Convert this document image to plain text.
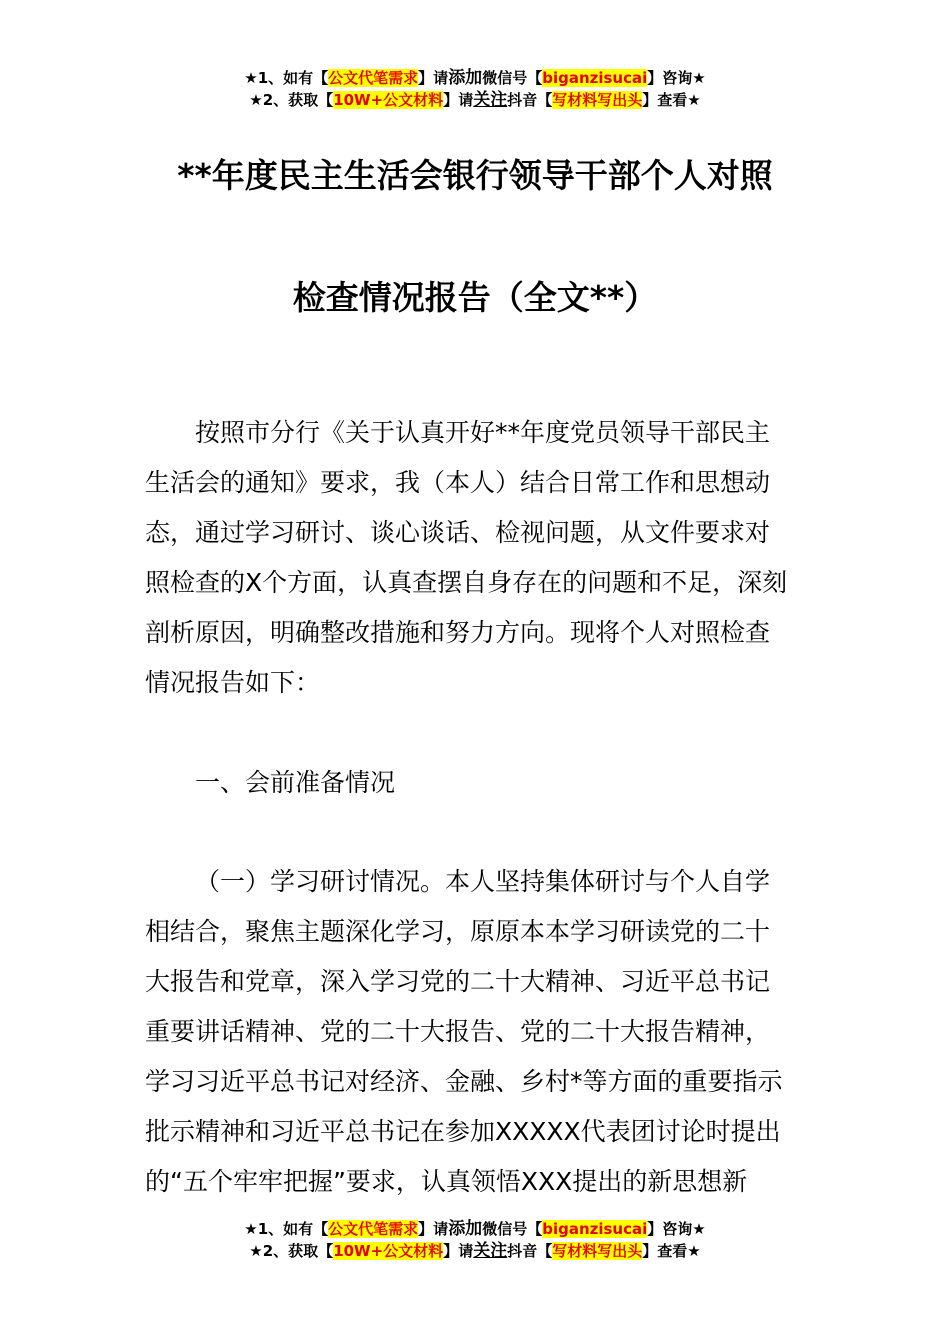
★1、如有【公文代笔需求】请添加微信号【biganzisucai】咨询★
★2、获取【10W+公文材料】请关注抖音【写材料写出头】查看★
**年度民主生活会银行领导干部个人对照
检查情况报告（全文**）
按照市分行《关于认真开好**年度党员领导干部民主
生活会的通知》要求，我（本人）结合日常工作和思想动
态，通过学习研讨、谈心谈话、检视问题，从文件要求对
照检查的X个方面，认真查摆自身存在的问题和不足，深刻
剖析原因，明确整改措施和努力方向。现将个人对照检查
情况报告如下：
一、会前准备情况
（一）学习研讨情况。本人坚持集体研讨与个人自学
相结合，聚焦主题深化学习，原原本本学习研读党的二十
大报告和党章，深入学习党的二十大精神、习近平总书记
重要讲话精神、党的二十大报告、党的二十大报告精神，
学习习近平总书记对经济、金融、乡村*等方面的重要指示
批示精神和习近平总书记在参加XXXXX代表团讨论时提出
的“五个牢牢把握”要求，认真领悟XXX提出的新思想新
★1、如有【公文代笔需求】请添加微信号【biganzisucai】咨询★
★2、获取【10W+公文材料】请关注抖音【写材料写出头】查看★
